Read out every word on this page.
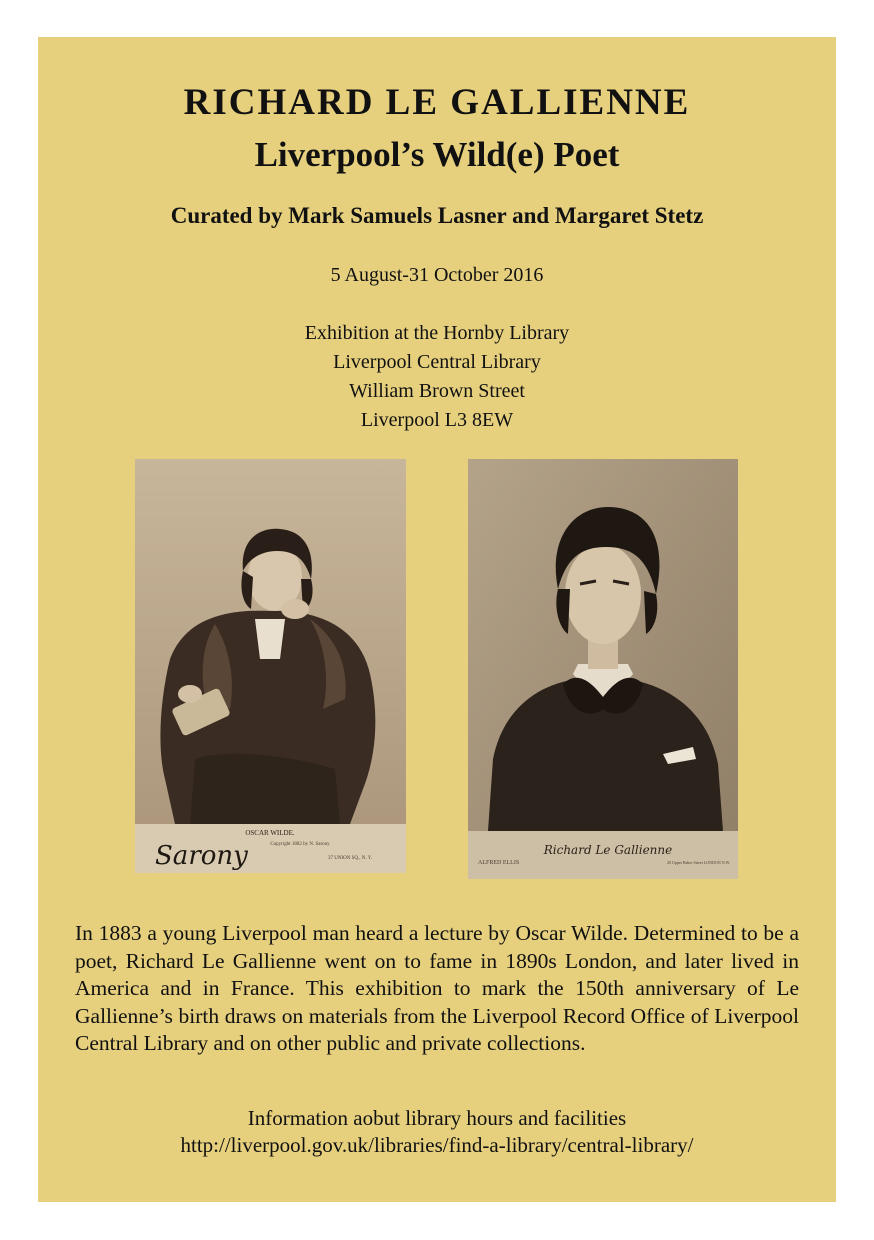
RICHARD LE GALLIENNE
Liverpool’s Wild(e) Poet
Curated by Mark Samuels Lasner and Margaret Stetz
5 August-31 October 2016
Exhibition at the Hornby Library
Liverpool Central Library
William Brown Street
Liverpool L3 8EW
OSCAR WILDE.
Copyright 1882 by N. Sarony
Sarony	37 UNION SQ., N. Y.
Richard Le Gallienne
ALFRED ELLIS	20 Upper Baker Street LONDON N.W.
In 1883 a young Liverpool man heard a lecture by Oscar Wilde. Determined to be a poet, Richard Le Gallienne went on to fame in 1890s London, and later lived in America and in France. This exhibition to mark the 150th anniversary of Le Gallienne’s birth draws on materials from the Liverpool Record Office of Liverpool Central Library and on other public and private collections.
Information aobut library hours and facilities
http://liverpool.gov.uk/libraries/find-a-library/central-library/
